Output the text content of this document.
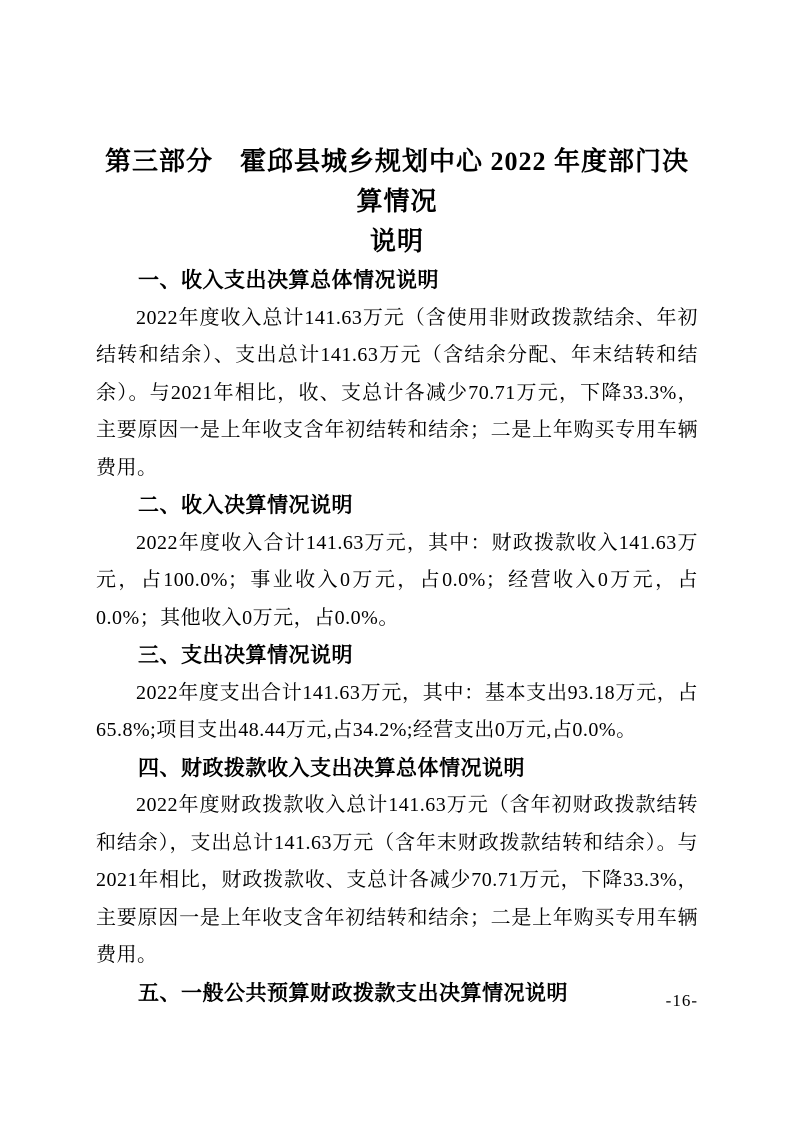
第三部分　霍邱县城乡规划中心 2022 年度部门决算情况
说明
一、收入支出决算总体情况说明

2022年度收入总计141.63万元（含使用非财政拨款结余、年初结转和结余）、支出总计141.63万元（含结余分配、年末结转和结余）。与2021年相比，收、支总计各减少70.71万元，下降33.3%，主要原因一是上年收支含年初结转和结余；二是上年购买专用车辆费用。

二、收入决算情况说明

2022年度收入合计141.63万元，其中：财政拨款收入141.63万元，占100.0%；事业收入0万元，占0.0%；经营收入0万元，占0.0%；其他收入0万元，占0.0%。

三、支出决算情况说明

2022年度支出合计141.63万元，其中：基本支出93.18万元，占65.8%;项目支出48.44万元,占34.2%;经营支出0万元,占0.0%。

四、财政拨款收入支出决算总体情况说明

2022年度财政拨款收入总计141.63万元（含年初财政拨款结转和结余），支出总计141.63万元（含年末财政拨款结转和结余）。与2021年相比，财政拨款收、支总计各减少70.71万元，下降33.3%，主要原因一是上年收支含年初结转和结余；二是上年购买专用车辆费用。

五、一般公共预算财政拨款支出决算情况说明	-16-
